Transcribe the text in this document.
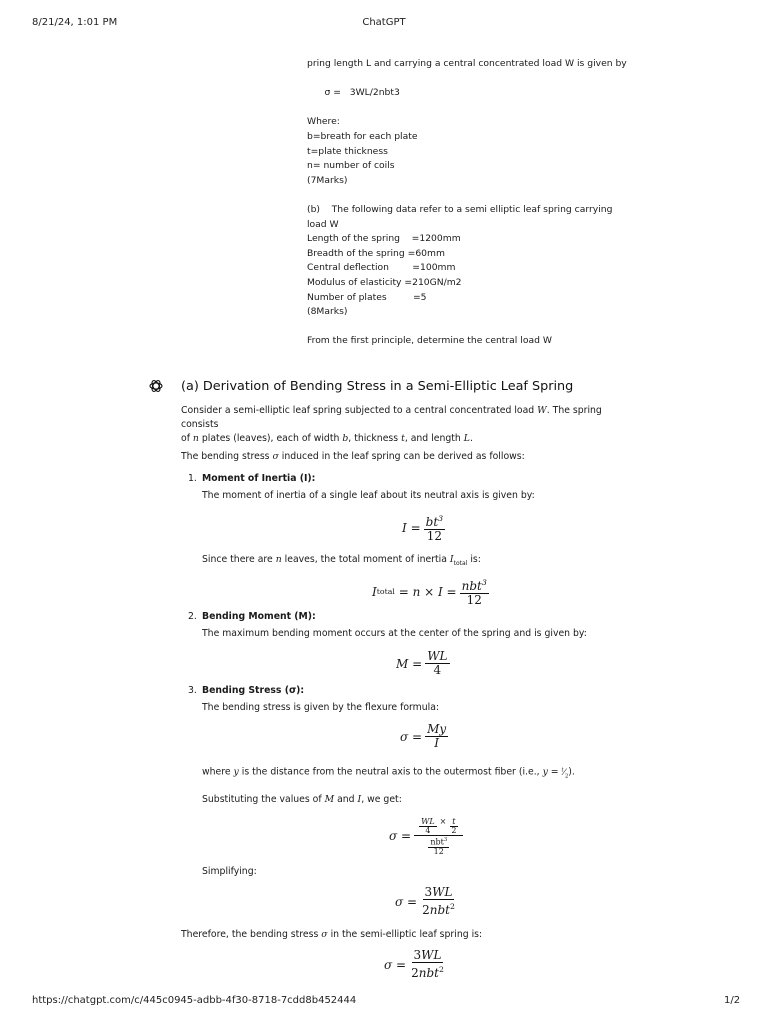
8/21/24, 1:01 PM	ChatGPT
pring length L and carrying a central concentrated load W is given by
σ =   3WL/2nbt3
Where:
b=breath for each plate
t=plate thickness
n= number of coils
(7Marks)
(b)    The following data refer to a semi elliptic leaf spring carrying
load W
Length of the spring    =1200mm
Breadth of the spring =60mm
Central deflection        =100mm
Modulus of elasticity =210GN/m2
Number of plates         =5
(8Marks)
From the first principle, determine the central load W
(a) Derivation of Bending Stress in a Semi-Elliptic Leaf Spring
Consider a semi-elliptic leaf spring subjected to a central concentrated load W. The spring consists
of n plates (leaves), each of width b, thickness t, and length L.
The bending stress σ induced in the leaf spring can be derived as follows:
1. Moment of Inertia (I):
The moment of inertia of a single leaf about its neutral axis is given by:
I
= $\frac{bt^3}{12}$
Since there are n leaves, the total moment of inertia $I_{total}$ is:
I total
= $n \times I = \frac{nbt^3}{12}$
2. Bending Moment (M):
The maximum bending moment occurs at the center of the spring and is given by:
M
= $\frac{WL}{4}$
3. Bending Stress (σ):
The bending stress is given by the flexure formula:
σ
= $\frac{My}{I}$
where y is the distance from the neutral axis to the outermost fiber (i.e., $y = ^t⁄_2$).
Substituting the values of M and I, we get:
σ
= $\frac{\frac{WL}{4} \times \frac{t}{2}}{\frac{nbt^3}{12}}$
Simplifying:
σ
= $\frac{3WL}{2nbt^2}$
Therefore, the bending stress σ in the semi-elliptic leaf spring is:
σ
= $\frac{3WL}{2nbt^2}$
https://chatgpt.com/c/445c0945-adbb-4f30-8718-7cdd8b452444	1/2
